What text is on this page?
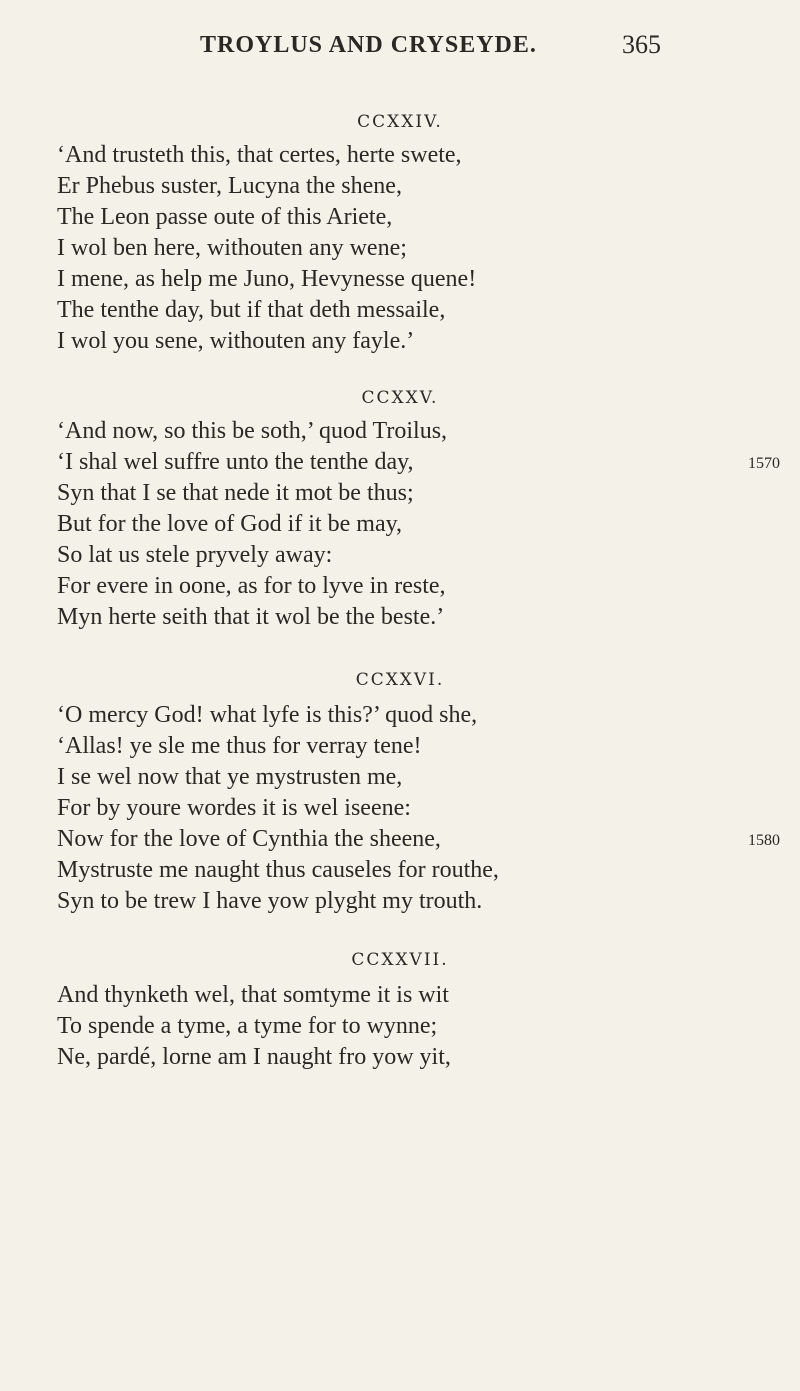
TROYLUS AND CRYSEYDE.	365
CCXXIV.
‘And trusteth this, that certes, herte swete,
Er Phebus suster, Lucyna the shene,
The Leon passe oute of this Ariete,
I wol ben here, withouten any wene;
I mene, as help me Juno, Hevynesse quene!
The tenthe day, but if that deth messaile,
I wol you sene, withouten any fayle.’
CCXXV.
‘And now, so this be soth,’ quod Troilus,
‘I shal wel suffre unto the tenthe day,	1570
Syn that I se that nede it mot be thus;
But for the love of God if it be may,
So lat us stele pryvely away:
For evere in oone, as for to lyve in reste,
Myn herte seith that it wol be the beste.’
CCXXVI.
‘O mercy God! what lyfe is this?’ quod she,
‘Allas! ye sle me thus for verray tene!
I se wel now that ye mystrusten me,
For by youre wordes it is wel iseene:
Now for the love of Cynthia the sheene,	1580
Mystruste me naught thus causeles for routhe,
Syn to be trew I have yow plyght my trouth.
CCXXVII.
And thynketh wel, that somtyme it is wit
To spende a tyme, a tyme for to wynne;
Ne, pardé, lorne am I naught fro yow yit,
